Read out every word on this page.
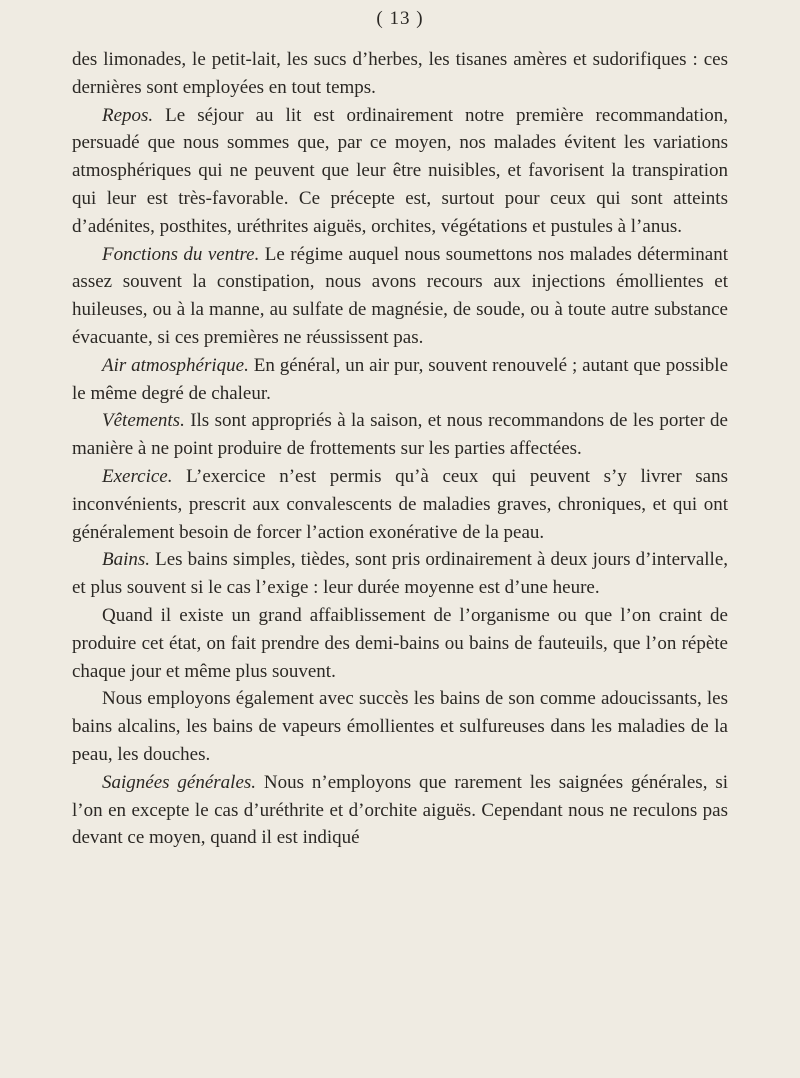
( 13 )

des limonades, le petit-lait, les sucs d’herbes, les tisanes amères et sudorifiques : ces dernières sont employées en tout temps.

Repos. Le séjour au lit est ordinairement notre première recommandation, persuadé que nous sommes que, par ce moyen, nos malades évitent les variations atmosphériques qui ne peuvent que leur être nuisibles, et favorisent la transpiration qui leur est très-favorable. Ce précepte est, surtout pour ceux qui sont atteints d’adénites, posthites, uréthrites aiguës, orchites, végétations et pustules à l’anus.

Fonctions du ventre. Le régime auquel nous soumettons nos malades déterminant assez souvent la constipation, nous avons recours aux injections émollientes et huileuses, ou à la manne, au sulfate de magnésie, de soude, ou à toute autre substance évacuante, si ces premières ne réussissent pas.

Air atmosphérique. En général, un air pur, souvent renouvelé ; autant que possible le même degré de chaleur.

Vêtements. Ils sont appropriés à la saison, et nous recommandons de les porter de manière à ne point produire de frottements sur les parties affectées.

Exercice. L’exercice n’est permis qu’à ceux qui peuvent s’y livrer sans inconvénients, prescrit aux convalescents de maladies graves, chroniques, et qui ont généralement besoin de forcer l’action exonérative de la peau.

Bains. Les bains simples, tièdes, sont pris ordinairement à deux jours d’intervalle, et plus souvent si le cas l’exige : leur durée moyenne est d’une heure.

Quand il existe un grand affaiblissement de l’organisme ou que l’on craint de produire cet état, on fait prendre des demi-bains ou bains de fauteuils, que l’on répète chaque jour et même plus souvent.

Nous employons également avec succès les bains de son comme adoucissants, les bains alcalins, les bains de vapeurs émollientes et sulfureuses dans les maladies de la peau, les douches.

Saignées générales. Nous n’employons que rarement les saignées générales, si l’on en excepte le cas d’uréthrite et d’orchite aiguës. Cependant nous ne reculons pas devant ce moyen, quand il est indiqué
